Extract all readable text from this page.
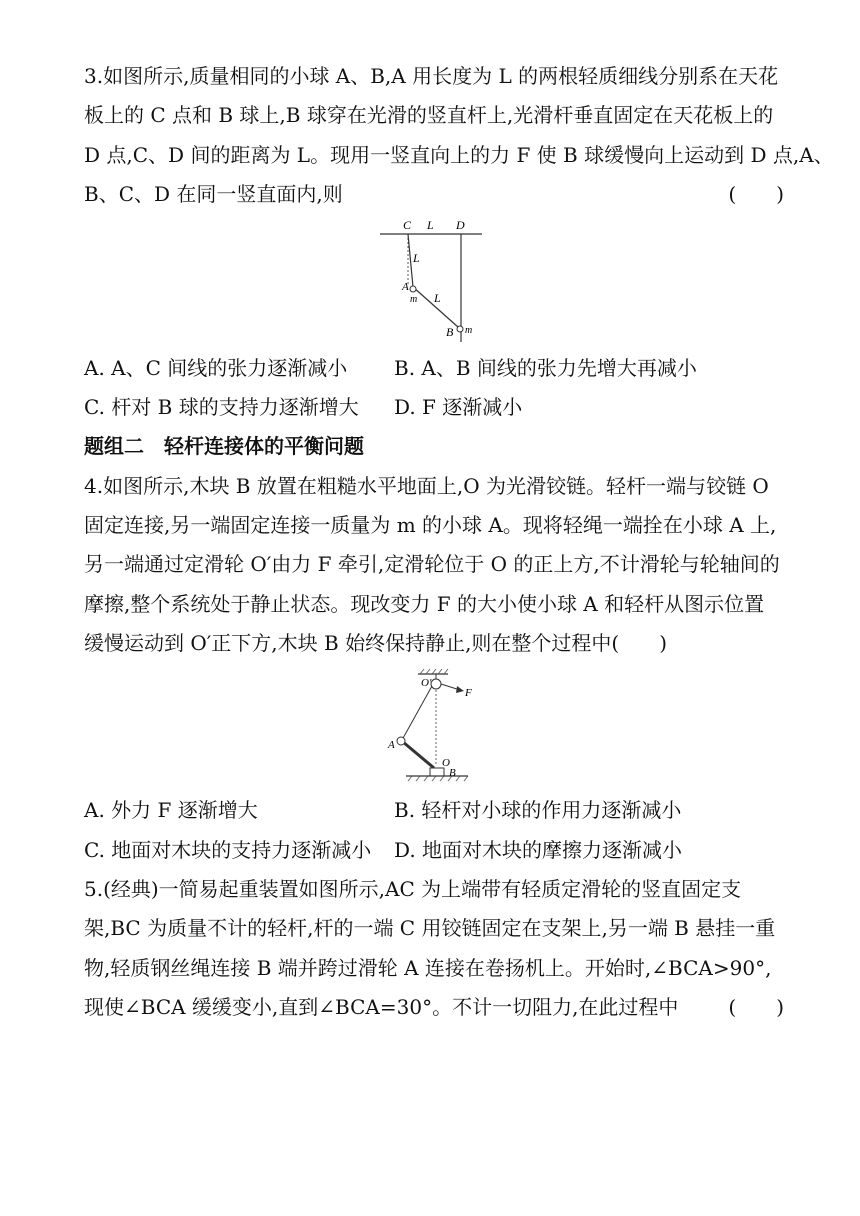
3.如图所示,质量相同的小球 A、B,A 用长度为 L 的两根轻质细线分别系在天花
板上的 C 点和 B 球上,B 球穿在光滑的竖直杆上,光滑杆垂直固定在天花板上的
D 点,C、D 间的距离为 L。现用一竖直向上的力 F 使 B 球缓慢向上运动到 D 点,A、
B、C、D 在同一竖直面内,则	(　　)
C L D
L
A
m L
B m
A. A、C 间线的张力逐渐减小 B. A、B 间线的张力先增大再减小
C. 杆对 B 球的支持力逐渐增大 D. F 逐渐减小
题组二　轻杆连接体的平衡问题
4.如图所示,木块 B 放置在粗糙水平地面上,O 为光滑铰链。轻杆一端与铰链 O
固定连接,另一端固定连接一质量为 m 的小球 A。现将轻绳一端拴在小球 A 上,
另一端通过定滑轮 O′由力 F 牵引,定滑轮位于 O 的正上方,不计滑轮与轮轴间的
摩擦,整个系统处于静止状态。现改变力 F 的大小使小球 A 和轻杆从图示位置
缓慢运动到 O′正下方,木块 B 始终保持静止,则在整个过程中(　　)
O′
F
A
O
B
A. 外力 F 逐渐增大	B. 轻杆对小球的作用力逐渐减小
C. 地面对木块的支持力逐渐减小 D. 地面对木块的摩擦力逐渐减小
5.(经典)一简易起重装置如图所示,AC 为上端带有轻质定滑轮的竖直固定支
架,BC 为质量不计的轻杆,杆的一端 C 用铰链固定在支架上,另一端 B 悬挂一重
物,轻质钢丝绳连接 B 端并跨过滑轮 A 连接在卷扬机上。开始时,∠BCA>90°,
现使∠BCA 缓缓变小,直到∠BCA=30°。不计一切阻力,在此过程中 (　　)
